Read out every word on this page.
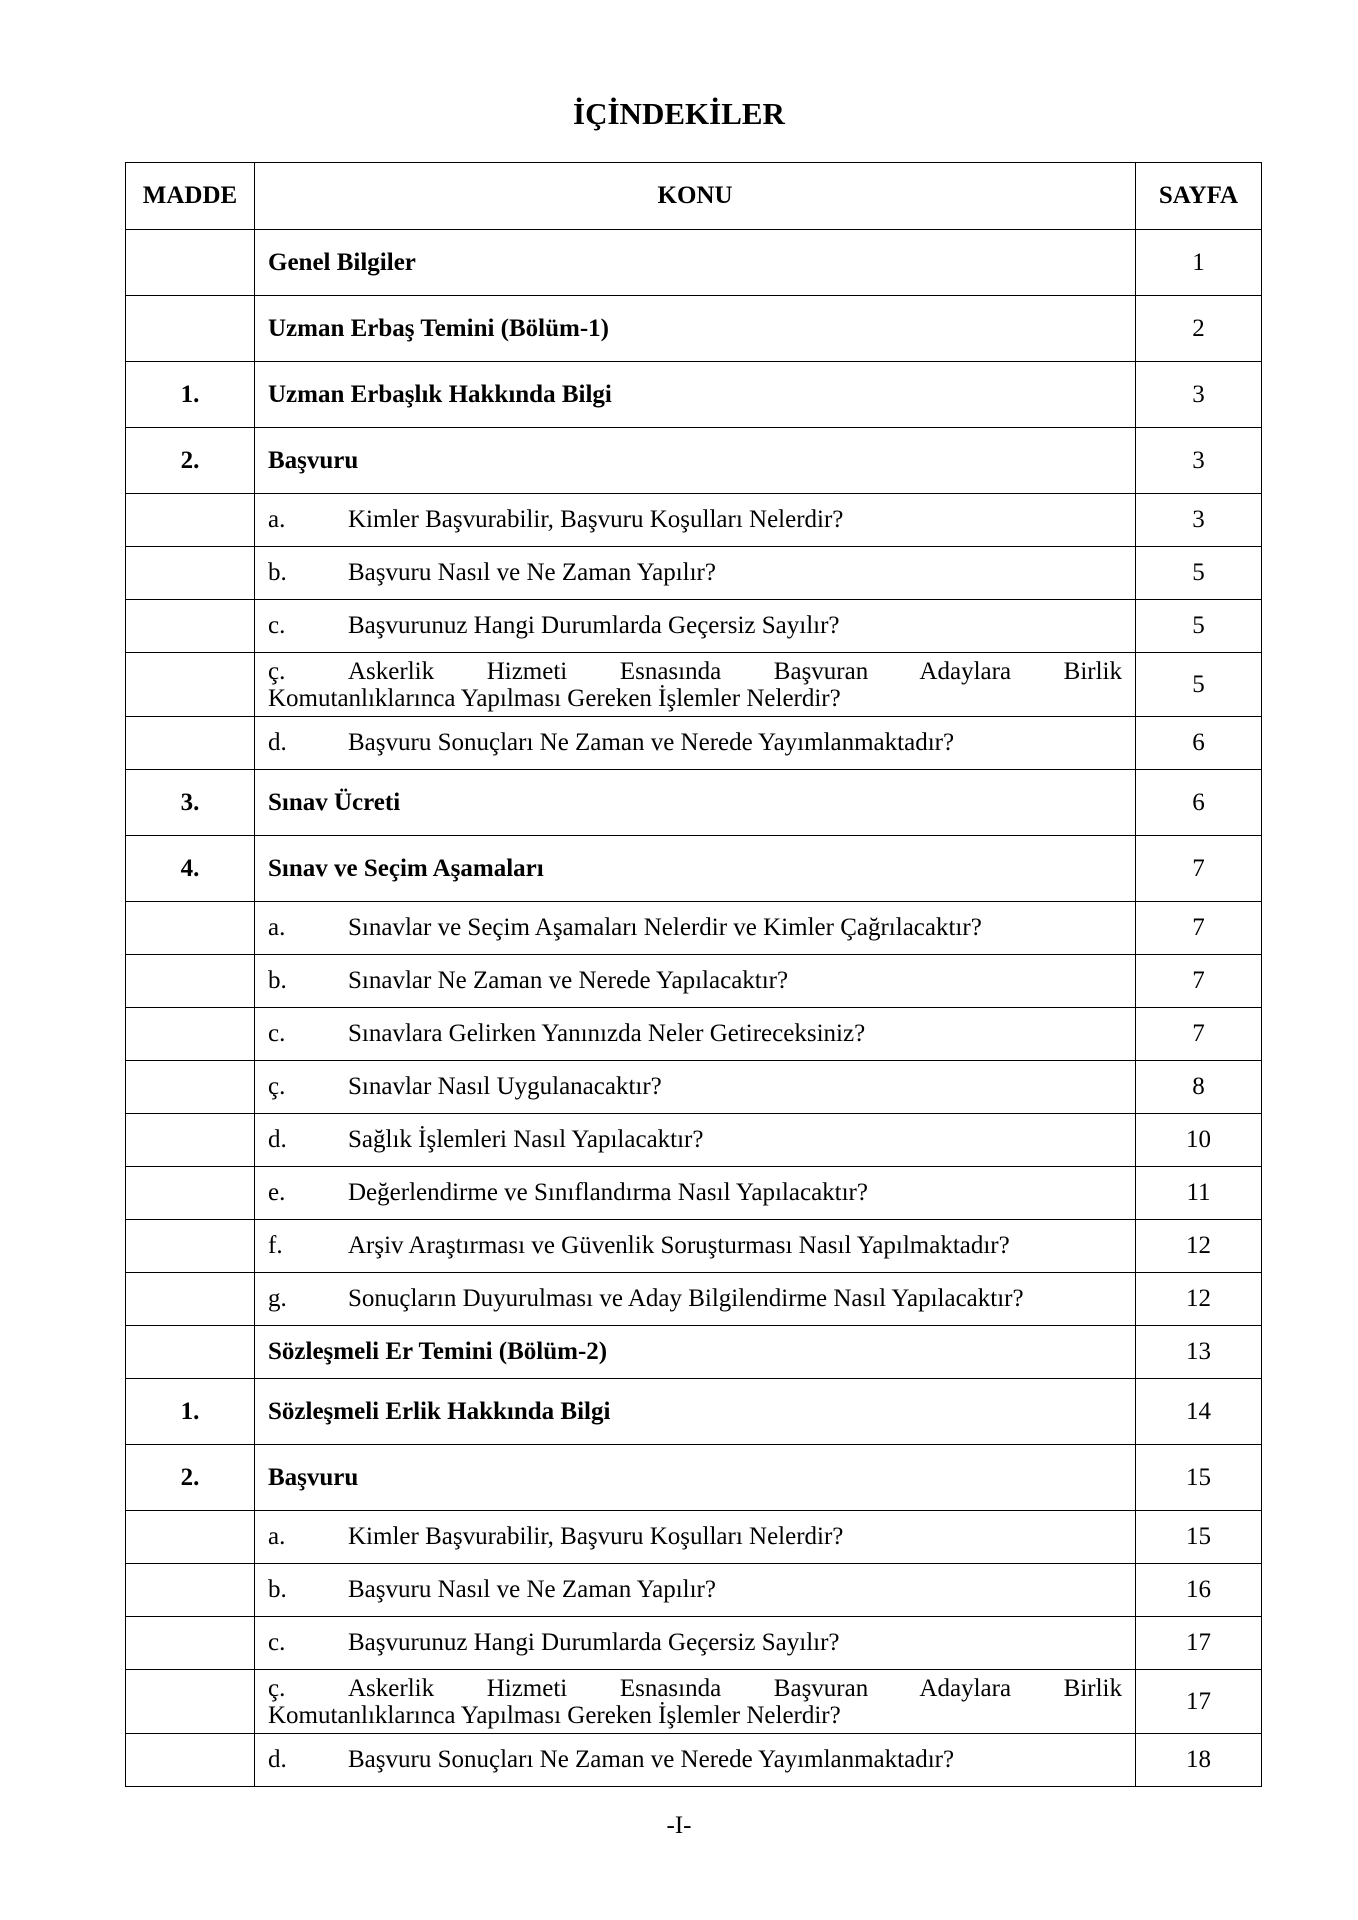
İÇİNDEKİLER
MADDE	KONU	SAYFA
	Genel Bilgiler	1
	Uzman Erbaş Temini (Bölüm-1)	2
1.	Uzman Erbaşlık Hakkında Bilgi	3
2.	Başvuru	3
	a. Kimler Başvurabilir, Başvuru Koşulları Nelerdir?	3
	b. Başvuru Nasıl ve Ne Zaman Yapılır?	5
	c. Başvurunuz Hangi Durumlarda Geçersiz Sayılır?	5

	ç. Askerlik Hizmeti Esnasında Başvuran Adaylara Birlik
Komutanlıklarınca Yapılması Gereken İşlemler Nelerdir?	5
	d. Başvuru Sonuçları Ne Zaman ve Nerede Yayımlanmaktadır?	6
3.	Sınav Ücreti	6
4.	Sınav ve Seçim Aşamaları	7
	a. Sınavlar ve Seçim Aşamaları Nelerdir ve Kimler Çağrılacaktır?	7
	b. Sınavlar Ne Zaman ve Nerede Yapılacaktır?	7
	c. Sınavlara Gelirken Yanınızda Neler Getireceksiniz?	7
	ç. Sınavlar Nasıl Uygulanacaktır?	8
	d. Sağlık İşlemleri Nasıl Yapılacaktır?	10
	e. Değerlendirme ve Sınıflandırma Nasıl Yapılacaktır?	11
	f. Arşiv Araştırması ve Güvenlik Soruşturması Nasıl Yapılmaktadır?	12
	g. Sonuçların Duyurulması ve Aday Bilgilendirme Nasıl Yapılacaktır?	12
	Sözleşmeli Er Temini (Bölüm-2)	13
1.	Sözleşmeli Erlik Hakkında Bilgi	14
2.	Başvuru	15
	a. Kimler Başvurabilir, Başvuru Koşulları Nelerdir?	15
	b. Başvuru Nasıl ve Ne Zaman Yapılır?	16
	c. Başvurunuz Hangi Durumlarda Geçersiz Sayılır?	17

	ç. Askerlik Hizmeti Esnasında Başvuran Adaylara Birlik
Komutanlıklarınca Yapılması Gereken İşlemler Nelerdir?	17
	d. Başvuru Sonuçları Ne Zaman ve Nerede Yayımlanmaktadır?	18
-I-
